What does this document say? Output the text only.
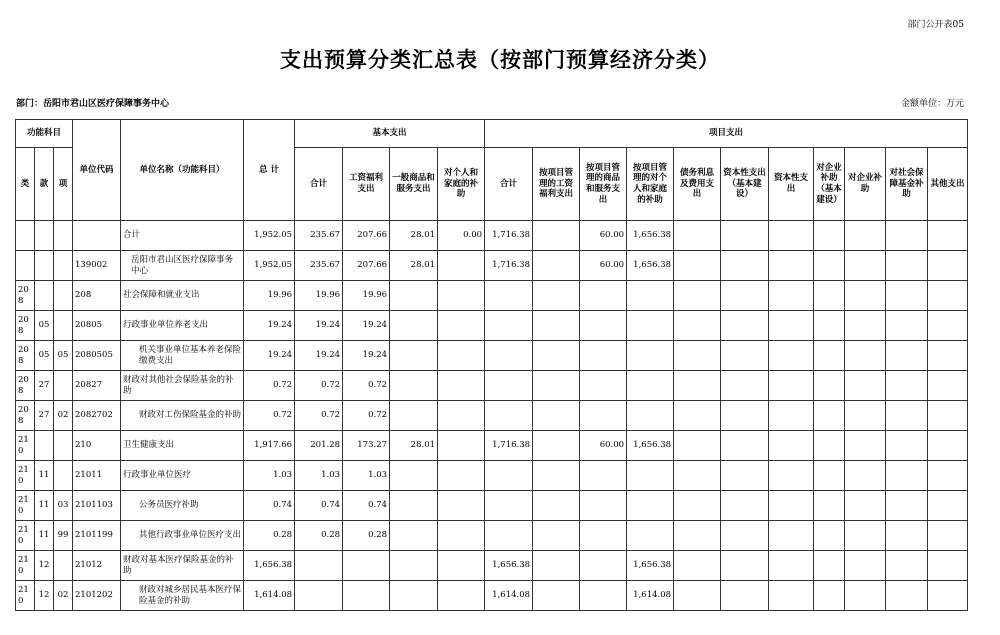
部门公开表05
支出预算分类汇总表（按部门预算经济分类）
部门：岳阳市君山区医疗保障事务中心	金额单位：万元
功能科目			单位代码	单位名称（功能科目）	总 计	基本支出				项目支出										
类	款	项				合计	工资福利支出	一般商品和服务支出	对个人和家庭的补助	合计	按项目管理的工资福利支出	按项目管理的商品和服务支出	按项目管理的对个人和家庭的补助	债务利息及费用支出	资本性支出（基本建设）	资本性支出	对企业补助（基本建设）	对企业补助	对社会保障基金补助	其他支出
				合计	1,952.05	235.67	207.66	28.01	0.00	1,716.38		60.00	1,656.38							
			139002	岳阳市君山区医疗保障事务中心	1,952.05	235.67	207.66	28.01		1,716.38		60.00	1,656.38							
208			208	社会保障和就业支出	19.96	19.96	19.96													
208	05		20805	行政事业单位养老支出	19.24	19.24	19.24													
208	05	05	2080505	机关事业单位基本养老保险缴费支出	19.24	19.24	19.24													
208	27		20827	财政对其他社会保险基金的补助	0.72	0.72	0.72													
208	27	02	2082702	财政对工伤保险基金的补助	0.72	0.72	0.72													
210			210	卫生健康支出	1,917.66	201.28	173.27	28.01		1,716.38		60.00	1,656.38							
210	11		21011	行政事业单位医疗	1.03	1.03	1.03													
210	11	03	2101103	公务员医疗补助	0.74	0.74	0.74													
210	11	99	2101199	其他行政事业单位医疗支出	0.28	0.28	0.28													
210	12		21012	财政对基本医疗保险基金的补助	1,656.38					1,656.38			1,656.38							
210	12	02	2101202	财政对城乡居民基本医疗保险基金的补助	1,614.08					1,614.08			1,614.08							
